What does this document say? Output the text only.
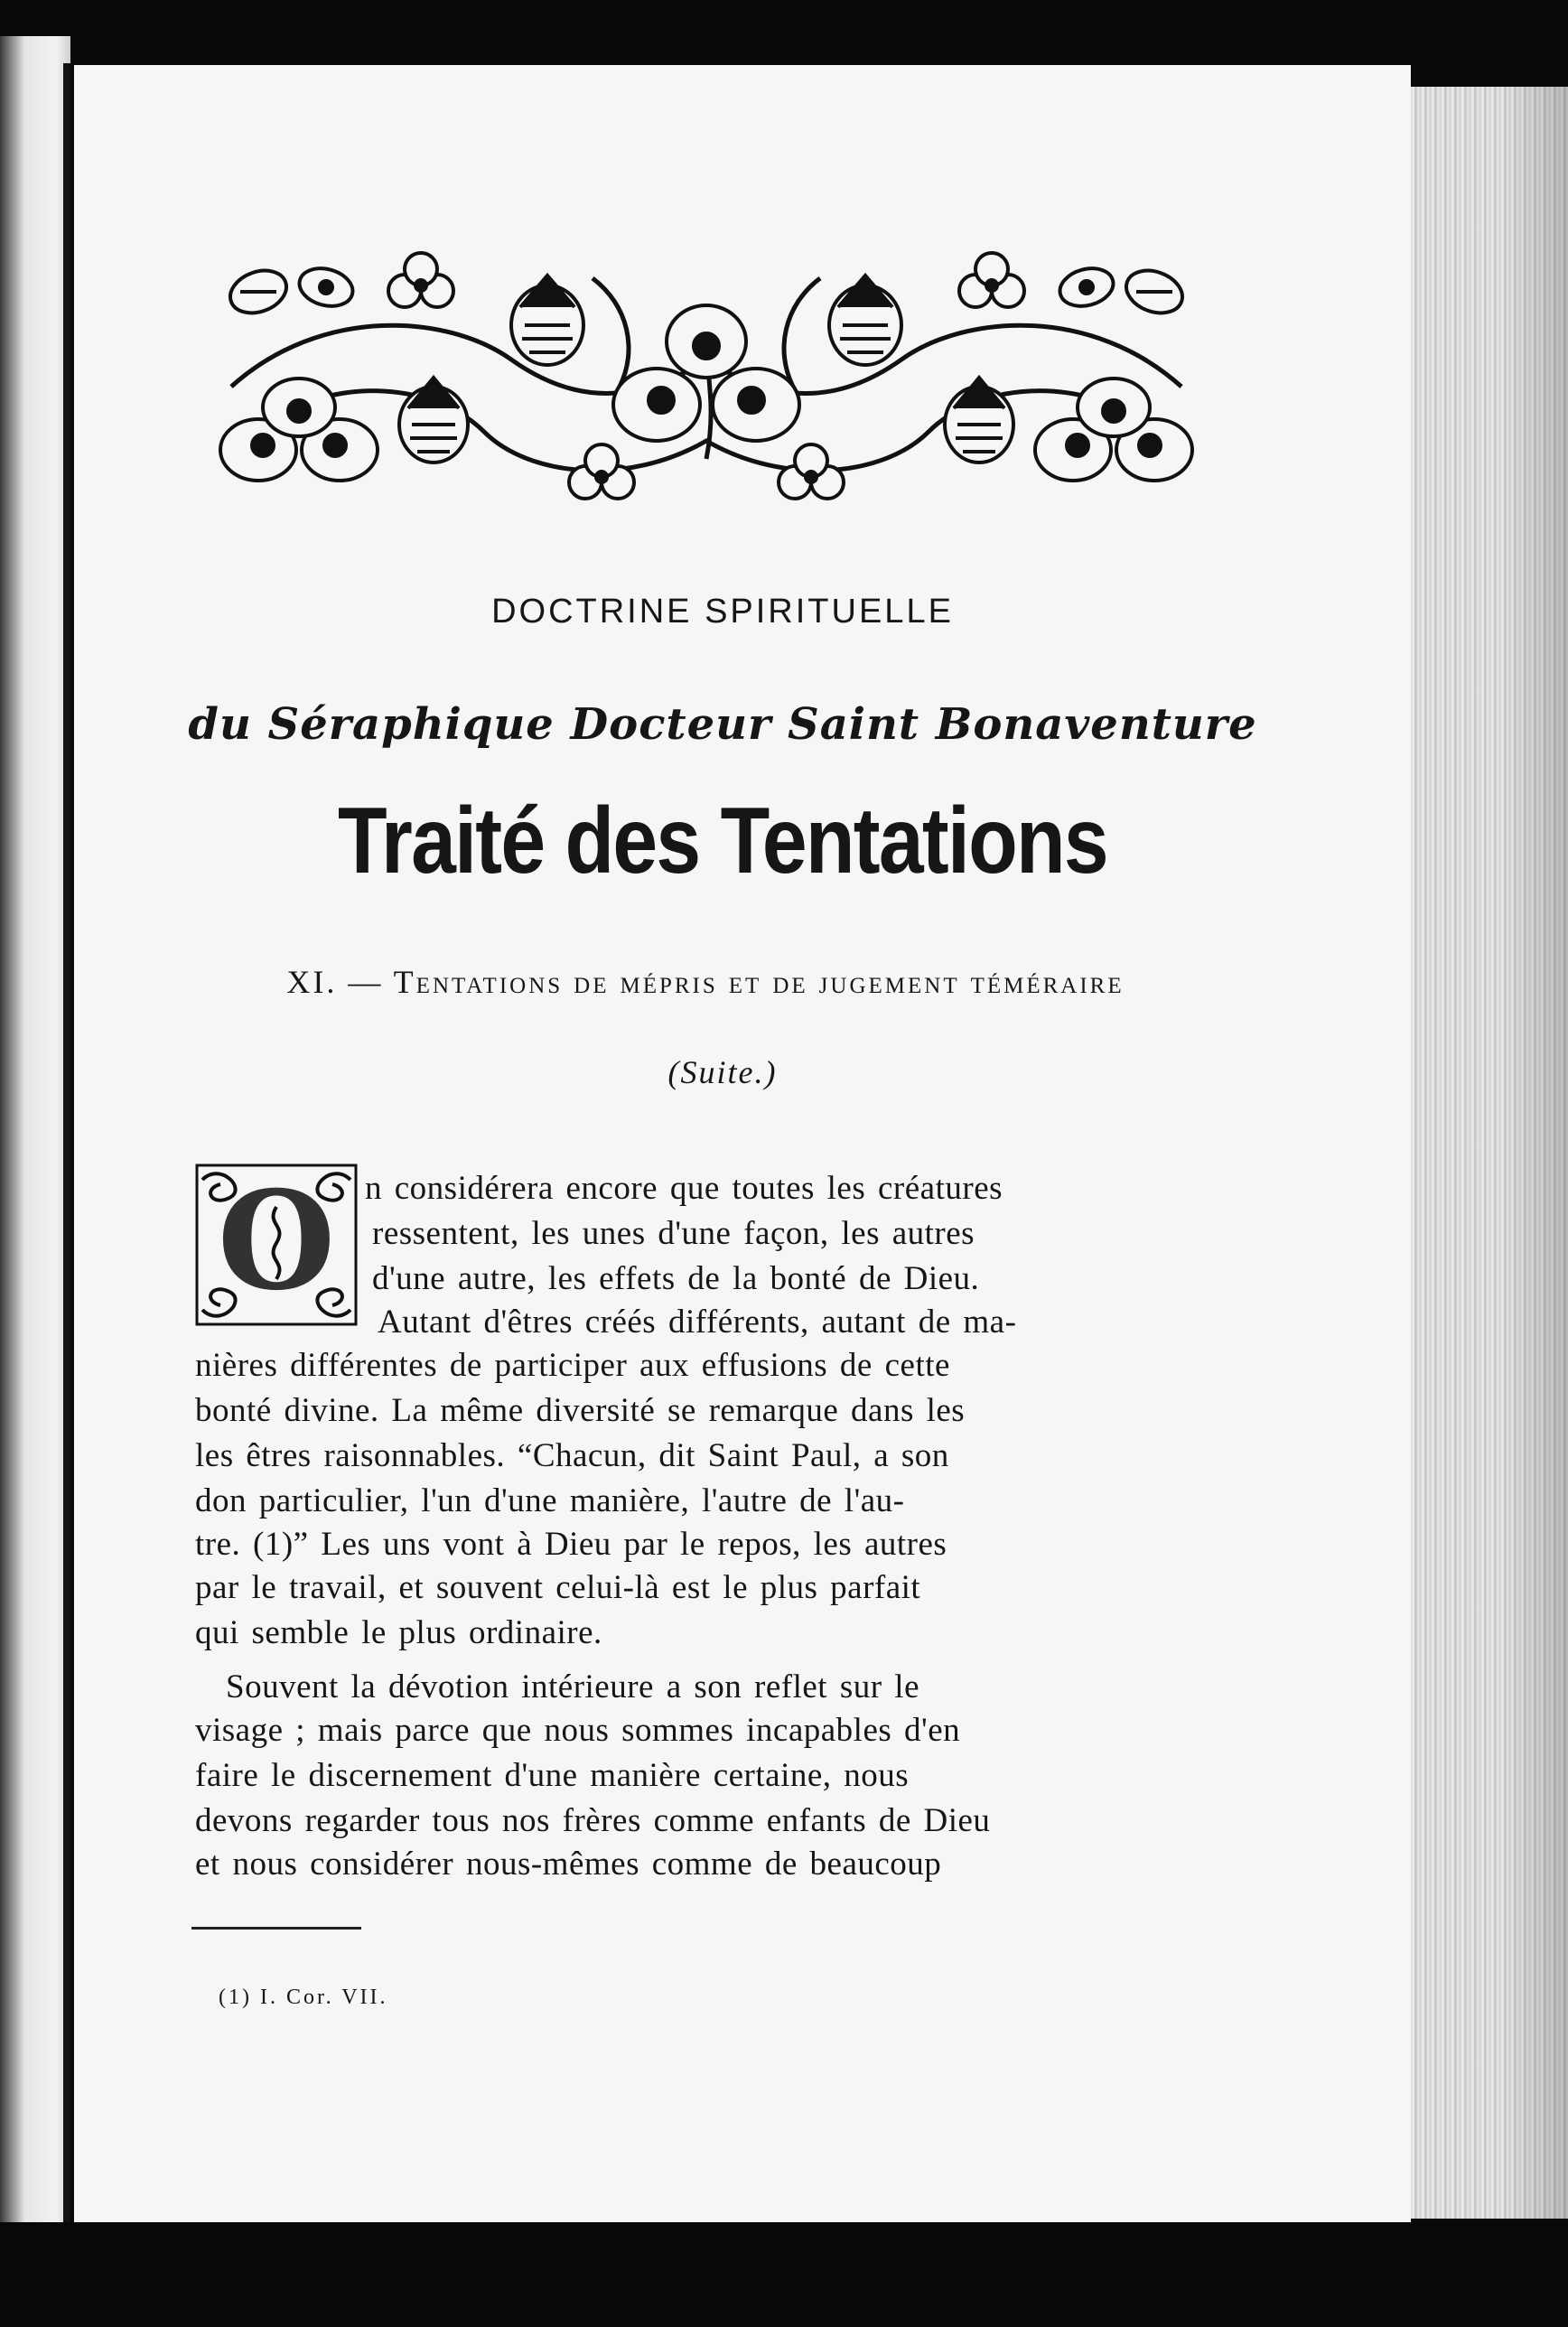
DOCTRINE SPIRITUELLE

du Séraphique Docteur Saint Bonaventure

Traité des Tentations

XI. — Tentations de mépris et de jugement téméraire

(Suite.)

O n considérera encore que toutes les créatures
ressentent, les unes d'une façon, les autres
d'une autre, les effets de la bonté de Dieu.
Autant d'êtres créés différents, autant de ma-
nières différentes de participer aux effusions de cette
bonté divine. La même diversité se remarque dans les
les êtres raisonnables. “Chacun, dit Saint Paul, a son
don particulier, l'un d'une manière, l'autre de l'au-
tre. (1)” Les uns vont à Dieu par le repos, les autres
par le travail, et souvent celui-là est le plus parfait
qui semble le plus ordinaire.
Souvent la dévotion intérieure a son reflet sur le
visage ; mais parce que nous sommes incapables d'en
faire le discernement d'une manière certaine, nous
devons regarder tous nos frères comme enfants de Dieu
et nous considérer nous-mêmes comme de beaucoup

(1) I. Cor. VII.
